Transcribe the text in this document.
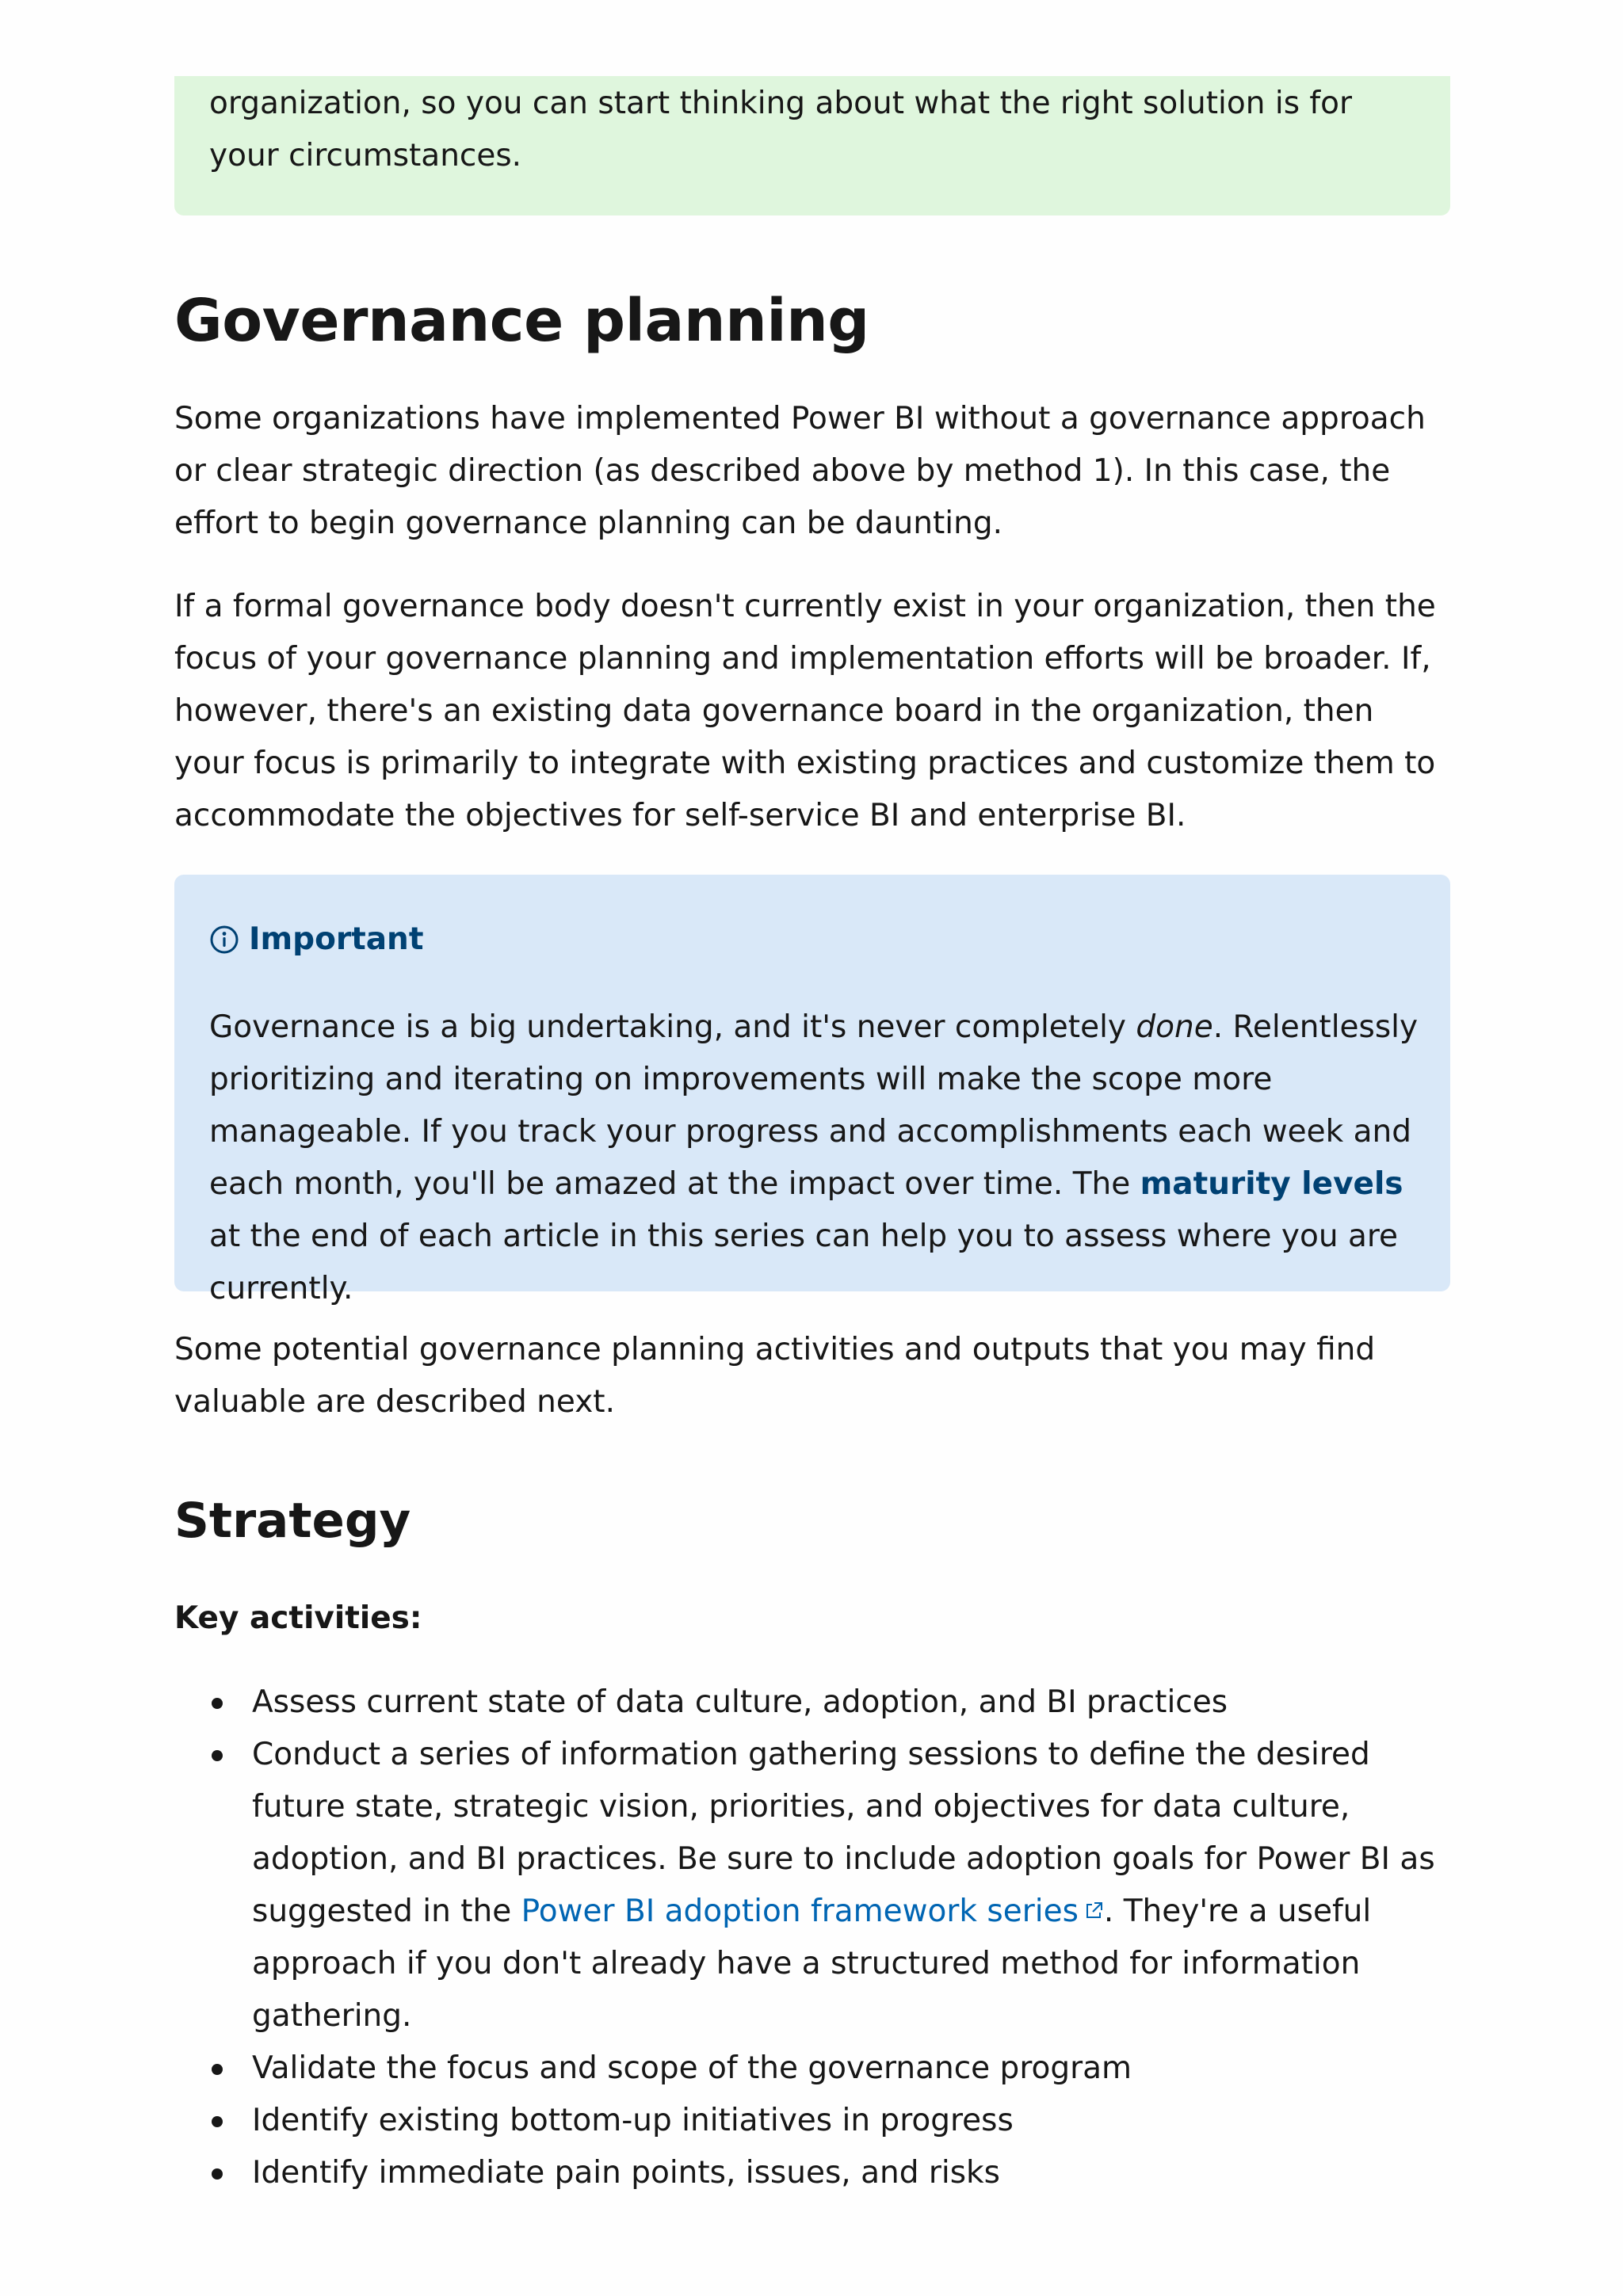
organization, so you can start thinking about what the right solution is for your circumstances.

Governance planning

Some organizations have implemented Power BI without a governance approach or clear strategic direction (as described above by method 1). In this case, the effort to begin governance planning can be daunting.

If a formal governance body doesn't currently exist in your organization, then the focus of your governance planning and implementation efforts will be broader. If, however, there's an existing data governance board in the organization, then your focus is primarily to integrate with existing practices and customize them to accommodate the objectives for self-service BI and enterprise BI.

Important

Governance is a big undertaking, and it's never completely done. Relentlessly prioritizing and iterating on improvements will make the scope more manageable. If you track your progress and accomplishments each week and each month, you'll be amazed at the impact over time. The maturity levels at the end of each article in this series can help you to assess where you are currently.

Some potential governance planning activities and outputs that you may find valuable are described next.

Strategy

Key activities:

Assess current state of data culture, adoption, and BI practices
Conduct a series of information gathering sessions to define the desired future state, strategic vision, priorities, and objectives for data culture, adoption, and BI practices. Be sure to include adoption goals for Power BI as suggested in the Power BI adoption framework series . They're a useful approach if you don't already have a structured method for information gathering.
Validate the focus and scope of the governance program
Identify existing bottom-up initiatives in progress
Identify immediate pain points, issues, and risks
